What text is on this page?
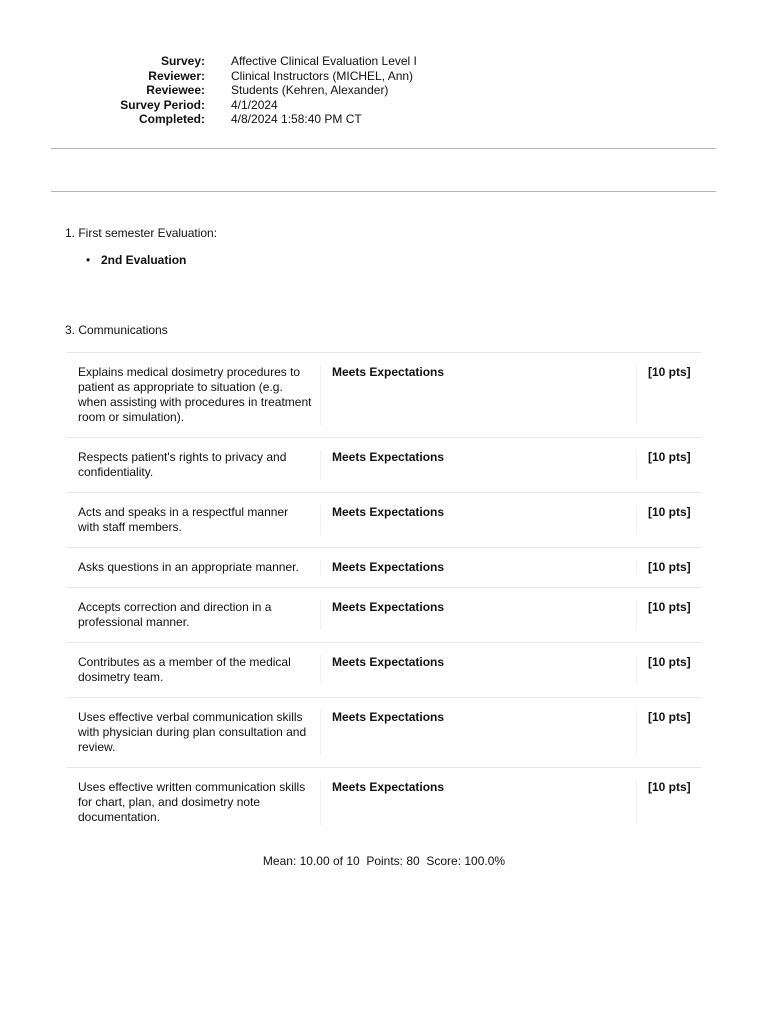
Survey: Affective Clinical Evaluation Level I
Reviewer: Clinical Instructors (MICHEL, Ann)
Reviewee: Students (Kehren, Alexander)
Survey Period: 4/1/2024
Completed: 4/8/2024 1:58:40 PM CT
1. First semester Evaluation:
• 2nd Evaluation
3. Communications
Explains medical dosimetry procedures to patient as appropriate to situation (e.g. when assisting with procedures in treatment room or simulation).
Meets Expectations	[10 pts]
Respects patient's rights to privacy and confidentiality.
Meets Expectations	[10 pts]
Acts and speaks in a respectful manner with staff members.
Meets Expectations	[10 pts]
Asks questions in an appropriate manner.	Meets Expectations	[10 pts]
Accepts correction and direction in a professional manner.
Meets Expectations	[10 pts]
Contributes as a member of the medical dosimetry team.
Meets Expectations	[10 pts]
Uses effective verbal communication skills with physician during plan consultation and review.
Meets Expectations	[10 pts]
Uses effective written communication skills for chart, plan, and dosimetry note documentation.
Meets Expectations	[10 pts]
Mean: 10.00 of 10  Points: 80  Score: 100.0%
